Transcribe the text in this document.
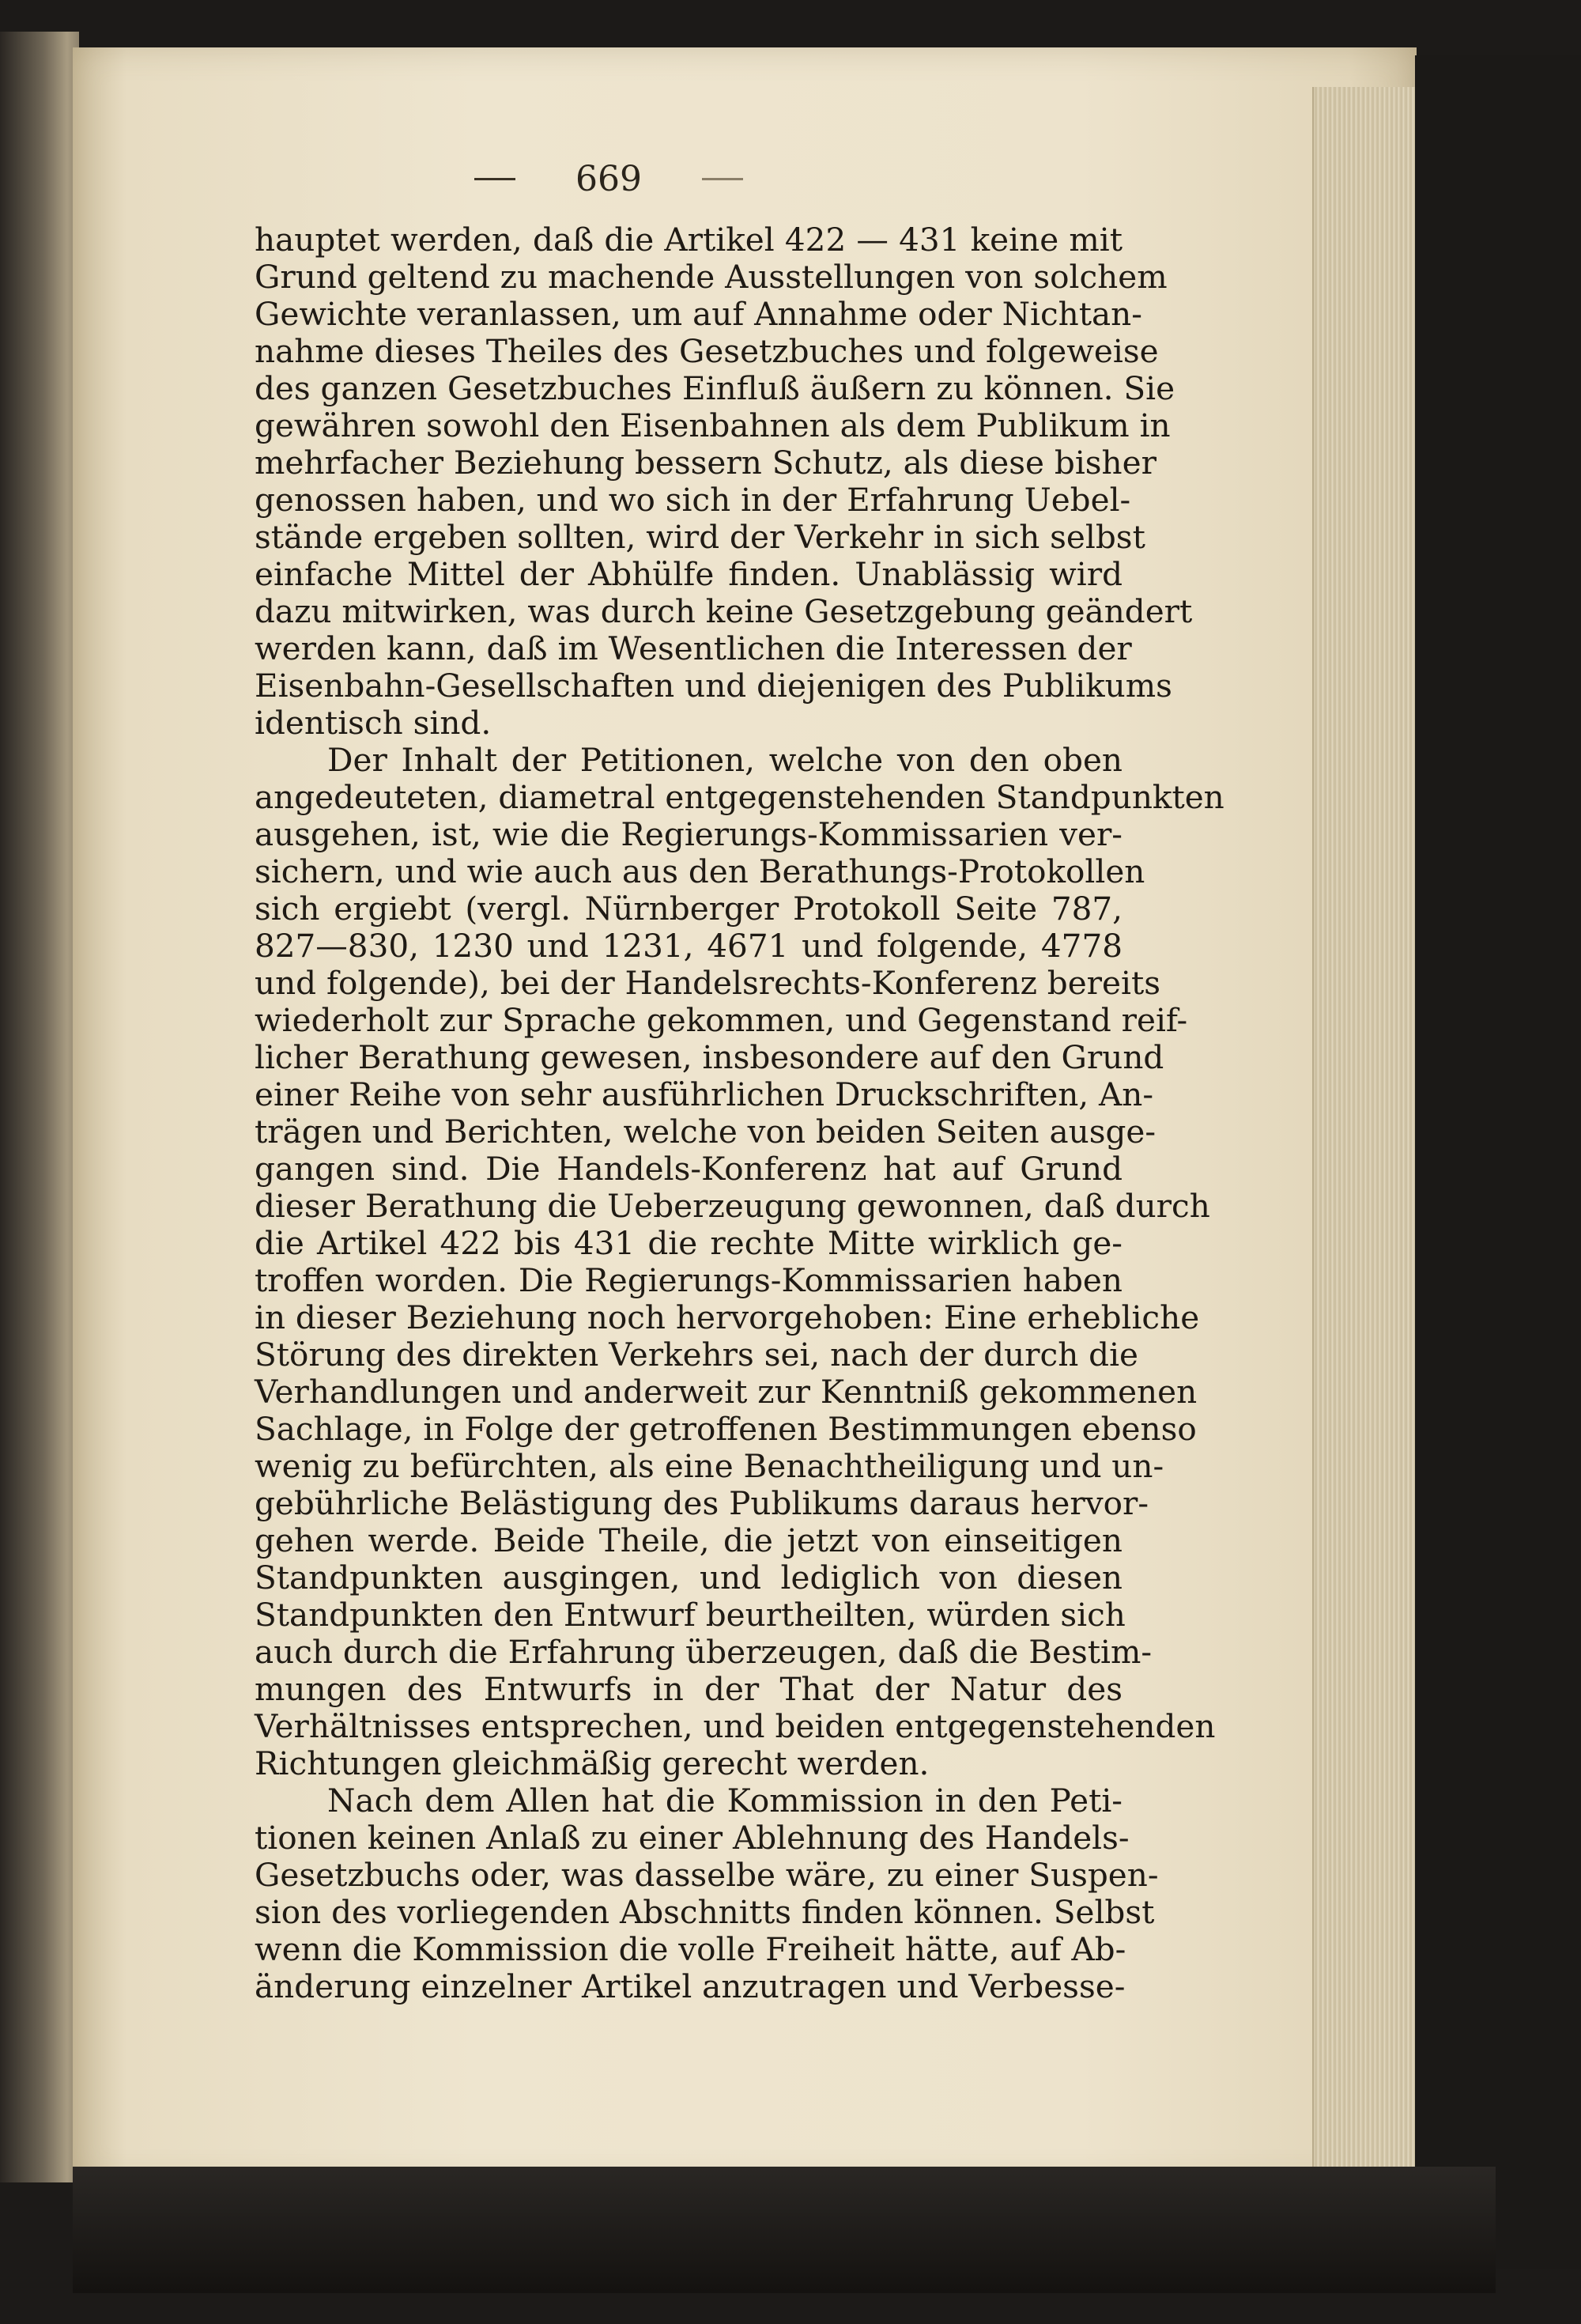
669
hauptet werden, daß die Artikel 422 — 431 keine mit
Grund geltend zu machende Ausstellungen von solchem
Gewichte veranlassen, um auf Annahme oder Nichtan-
nahme dieses Theiles des Gesetzbuches und folgeweise
des ganzen Gesetzbuches Einfluß äußern zu können. Sie
gewähren sowohl den Eisenbahnen als dem Publikum in
mehrfacher Beziehung bessern Schutz, als diese bisher
genossen haben, und wo sich in der Erfahrung Uebel-
stände ergeben sollten, wird der Verkehr in sich selbst
einfache Mittel der Abhülfe finden. Unablässig wird
dazu mitwirken, was durch keine Gesetzgebung geändert
werden kann, daß im Wesentlichen die Interessen der
Eisenbahn-Gesellschaften und diejenigen des Publikums
identisch sind.
Der Inhalt der Petitionen, welche von den oben
angedeuteten, diametral entgegenstehenden Standpunkten
ausgehen, ist, wie die Regierungs-Kommissarien ver-
sichern, und wie auch aus den Berathungs-Protokollen
sich ergiebt (vergl. Nürnberger Protokoll Seite 787,
827—830, 1230 und 1231, 4671 und folgende, 4778
und folgende), bei der Handelsrechts-Konferenz bereits
wiederholt zur Sprache gekommen, und Gegenstand reif-
licher Berathung gewesen, insbesondere auf den Grund
einer Reihe von sehr ausführlichen Druckschriften, An-
trägen und Berichten, welche von beiden Seiten ausge-
gangen sind. Die Handels-Konferenz hat auf Grund
dieser Berathung die Ueberzeugung gewonnen, daß durch
die Artikel 422 bis 431 die rechte Mitte wirklich ge-
troffen worden. Die Regierungs-Kommissarien haben
in dieser Beziehung noch hervorgehoben: Eine erhebliche
Störung des direkten Verkehrs sei, nach der durch die
Verhandlungen und anderweit zur Kenntniß gekommenen
Sachlage, in Folge der getroffenen Bestimmungen ebenso
wenig zu befürchten, als eine Benachtheiligung und un-
gebührliche Belästigung des Publikums daraus hervor-
gehen werde. Beide Theile, die jetzt von einseitigen
Standpunkten ausgingen, und lediglich von diesen
Standpunkten den Entwurf beurtheilten, würden sich
auch durch die Erfahrung überzeugen, daß die Bestim-
mungen des Entwurfs in der That der Natur des
Verhältnisses entsprechen, und beiden entgegenstehenden
Richtungen gleichmäßig gerecht werden.
Nach dem Allen hat die Kommission in den Peti-
tionen keinen Anlaß zu einer Ablehnung des Handels-
Gesetzbuchs oder, was dasselbe wäre, zu einer Suspen-
sion des vorliegenden Abschnitts finden können. Selbst
wenn die Kommission die volle Freiheit hätte, auf Ab-
änderung einzelner Artikel anzutragen und Verbesse-
